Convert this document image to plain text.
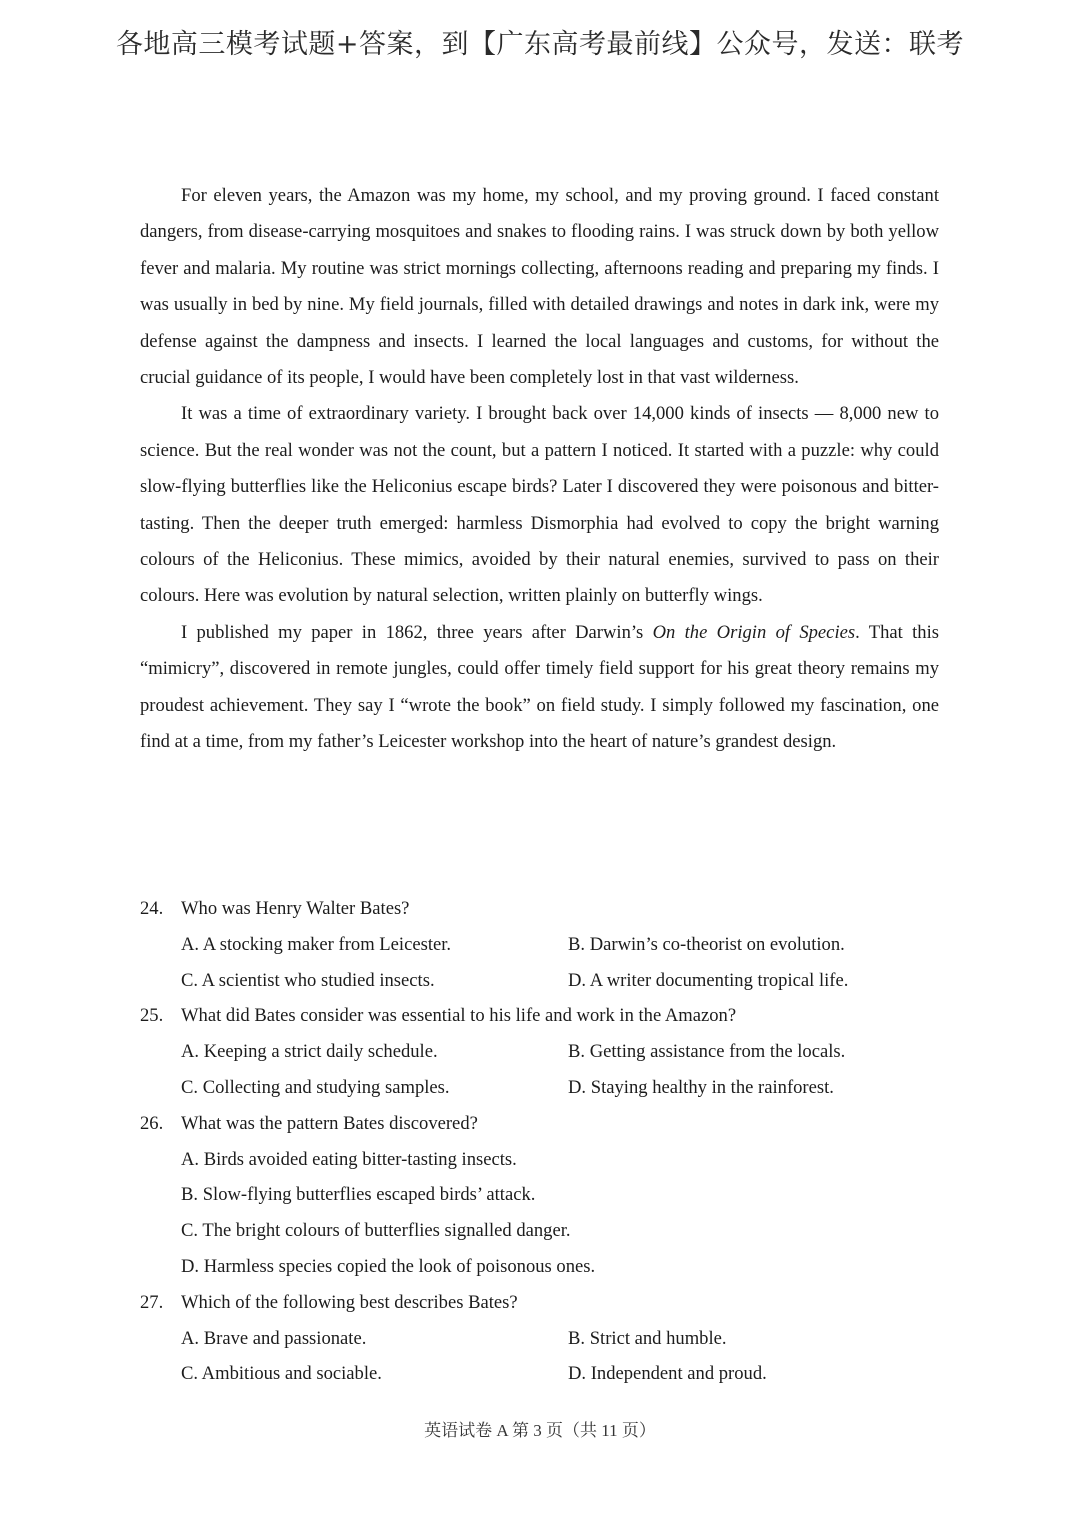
各地高三模考试题+答案，到【广东高考最前线】公众号，发送：联考

For eleven years, the Amazon was my home, my school, and my proving ground. I faced constant dangers, from disease-carrying mosquitoes and snakes to flooding rains. I was struck down by both yellow fever and malaria. My routine was strict mornings collecting, afternoons reading and preparing my finds. I was usually in bed by nine. My field journals, filled with detailed drawings and notes in dark ink, were my defense against the dampness and insects. I learned the local languages and customs, for without the crucial guidance of its people, I would have been completely lost in that vast wilderness.

It was a time of extraordinary variety. I brought back over 14,000 kinds of insects — 8,000 new to science. But the real wonder was not the count, but a pattern I noticed. It started with a puzzle: why could slow-flying butterflies like the Heliconius escape birds? Later I discovered they were poisonous and bitter-tasting. Then the deeper truth emerged: harmless Dismorphia had evolved to copy the bright warning colours of the Heliconius. These mimics, avoided by their natural enemies, survived to pass on their colours. Here was evolution by natural selection, written plainly on butterfly wings.

I published my paper in 1862, three years after Darwin’s On the Origin of Species. That this “mimicry”, discovered in remote jungles, could offer timely field support for his great theory remains my proudest achievement. They say I “wrote the book” on field study. I simply followed my fascination, one find at a time, from my father’s Leicester workshop into the heart of nature’s grandest design.

24. Who was Henry Walter Bates?
A. A stocking maker from Leicester.	B. Darwin’s co-theorist on evolution.
C. A scientist who studied insects.	D. A writer documenting tropical life.
25. What did Bates consider was essential to his life and work in the Amazon?
A. Keeping a strict daily schedule.	B. Getting assistance from the locals.
C. Collecting and studying samples.	D. Staying healthy in the rainforest.
26. What was the pattern Bates discovered?
A. Birds avoided eating bitter-tasting insects.
B. Slow-flying butterflies escaped birds’ attack.
C. The bright colours of butterflies signalled danger.
D. Harmless species copied the look of poisonous ones.
27. Which of the following best describes Bates?
A. Brave and passionate.	B. Strict and humble.
C. Ambitious and sociable.	D. Independent and proud.
英语试卷 A 第 3 页（共 11 页）
